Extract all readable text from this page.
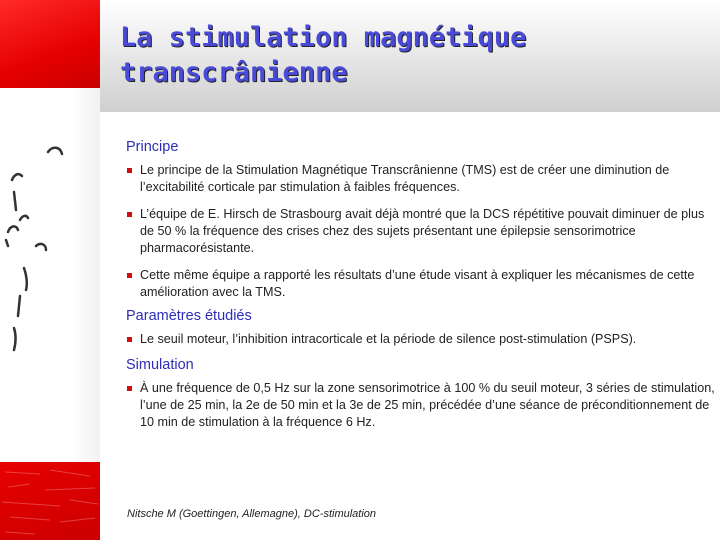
La stimulation magnétique transcrânienne
Principe
Le principe de la Stimulation Magnétique Transcrânienne (TMS) est de créer une diminution de l’excitabilité corticale par stimulation à faibles fréquences.
L’équipe de E. Hirsch de Strasbourg avait déjà montré que la DCS répétitive pouvait diminuer de plus de 50 % la fréquence des crises chez des sujets présentant une épilepsie sensorimotrice pharmacorésistante.
Cette même équipe a rapporté les résultats d’une étude visant à expliquer les mécanismes de cette amélioration avec la TMS.
Paramètres étudiés
Le seuil moteur, l’inhibition intracorticale et la période de silence post-stimulation (PSPS).
Simulation
À une fréquence de 0,5 Hz sur la zone sensorimotrice à 100 % du seuil moteur, 3 séries de stimulation, l’une de 25 min, la 2e de 50 min et la 3e de 25 min, précédée d’une séance de préconditionnement de 10 min de stimulation à la fréquence 6 Hz.
Nitsche M (Goettingen, Allemagne), DC-stimulation
